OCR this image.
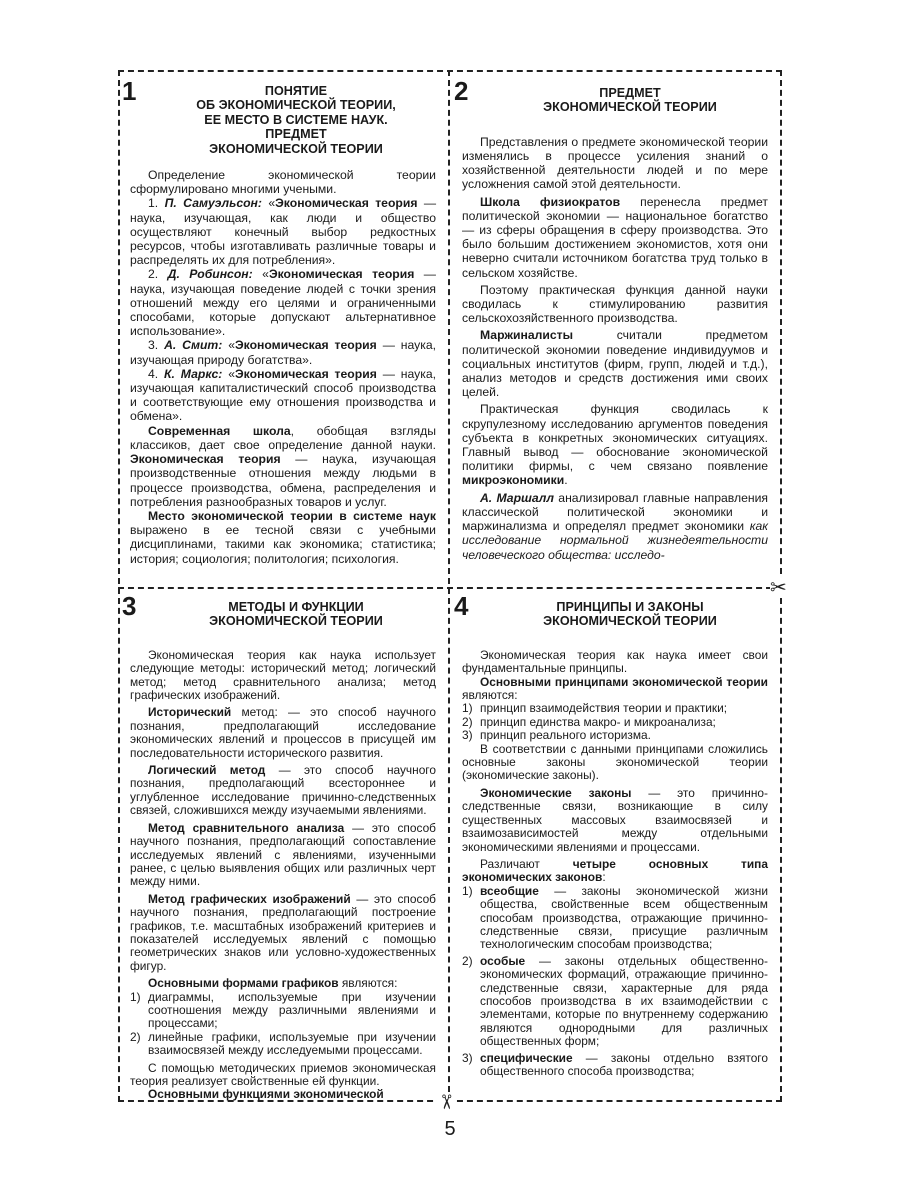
✂
✂
1	ПОНЯТИЕ
ОБ ЭКОНОМИЧЕСКОЙ ТЕОРИИ,
ЕЕ МЕСТО В СИСТЕМЕ НАУК.
ПРЕДМЕТ
ЭКОНОМИЧЕСКОЙ ТЕОРИИ

Определение экономической теории сформулировано многими учеными.

1. П. Самуэльсон: «Экономическая теория — наука, изучающая, как люди и общество осуществляют конечный выбор редкостных ресурсов, чтобы изготавливать различные товары и распределять их для потребления».

2. Д. Робинсон: «Экономическая теория — наука, изучающая поведение людей с точки зрения отношений между его целями и ограниченными способами, которые допускают альтернативное использование».

3. А. Смит: «Экономическая теория — наука, изучающая природу богатства».

4. К. Маркс: «Экономическая теория — наука, изучающая капиталистический способ производства и соответствующие ему отношения производства и обмена».

Современная школа, обобщая взгляды классиков, дает свое определение данной науки. Экономическая теория — наука, изучающая производственные отношения между людьми в процессе производства, обмена, распределения и потребления разнообразных товаров и услуг.

Место экономической теории в системе наук выражено в ее тесной связи с учебными дисциплинами, такими как экономика; статистика; история; социология; политология; психология.

2	ПРЕДМЕТ
ЭКОНОМИЧЕСКОЙ ТЕОРИИ

Представления о предмете экономической теории изменялись в процессе усиления знаний о хозяйственной деятельности людей и по мере усложнения самой этой деятельности.

Школа физиократов перенесла предмет политической экономии — национальное богатство — из сферы обращения в сферу производства. Это было большим достижением экономистов, хотя они неверно считали источником богатства труд только в сельском хозяйстве.

Поэтому практическая функция данной науки сводилась к стимулированию развития сельскохозяйственного производства.

Маржиналисты считали предметом политической экономии поведение индивидуумов и социальных институтов (фирм, групп, людей и т.д.), анализ методов и средств достижения ими своих целей.

Практическая функция сводилась к скрупулезному исследованию аргументов поведения субъекта в конкретных экономических ситуациях. Главный вывод — обоснование экономической политики фирмы, с чем связано появление микроэкономики.

А. Маршалл анализировал главные направления классической политической экономики и маржинализма и определял предмет экономики как исследование нормальной жизнедеятельности человеческого общества: исследо-

3	МЕТОДЫ И ФУНКЦИИ
ЭКОНОМИЧЕСКОЙ ТЕОРИИ

Экономическая теория как наука использует следующие методы: исторический метод; логический метод; метод сравнительного анализа; метод графических изображений.

Исторический метод: — это способ научного познания, предполагающий исследование экономических явлений и процессов в присущей им последовательности исторического развития.

Логический метод — это способ научного познания, предполагающий всестороннее и углубленное исследование причинно-следственных связей, сложившихся между изучаемыми явлениями.

Метод сравнительного анализа — это способ научного познания, предполагающий сопоставление исследуемых явлений с явлениями, изученными ранее, с целью выявления общих или различных черт между ними.

Метод графических изображений — это способ научного познания, предполагающий построение графиков, т.е. масштабных изображений критериев и показателей исследуемых явлений с помощью геометрических знаков или условно-художественных фигур.

Основными формами графиков являются:

1) диаграммы, используемые при изучении соотношения между различными явлениями и процессами;
2) линейные графики, используемые при изучении взаимосвязей между исследуемыми процессами.

С помощью методических приемов экономическая теория реализует свойственные ей функции.

Основными функциями экономической

4	ПРИНЦИПЫ И ЗАКОНЫ
ЭКОНОМИЧЕСКОЙ ТЕОРИИ

Экономическая теория как наука имеет свои фундаментальные принципы.

Основными принципами экономической теории являются:

1) принцип взаимодействия теории и практики;
2) принцип единства макро- и микроанализа;
3) принцип реального историзма.

В соответствии с данными принципами сложились основные законы экономической теории (экономические законы).

Экономические законы — это причинно-следственные связи, возникающие в силу существенных массовых взаимосвязей и взаимозависимостей между отдельными экономическими явлениями и процессами.

Различают четыре основных типа экономических законов:

1) всеобщие — законы экономической жизни общества, свойственные всем общественным способам производства, отражающие причинно-следственные связи, присущие различным технологическим способам производства;
2) особые — законы отдельных общественно-экономических формаций, отражающие причинно-следственные связи, характерные для ряда способов производства в их взаимодействии с элементами, которые по внутреннему содержанию являются однородными для различных общественных форм;
3) специфические — законы отдельно взятого общественного способа производства;
5
